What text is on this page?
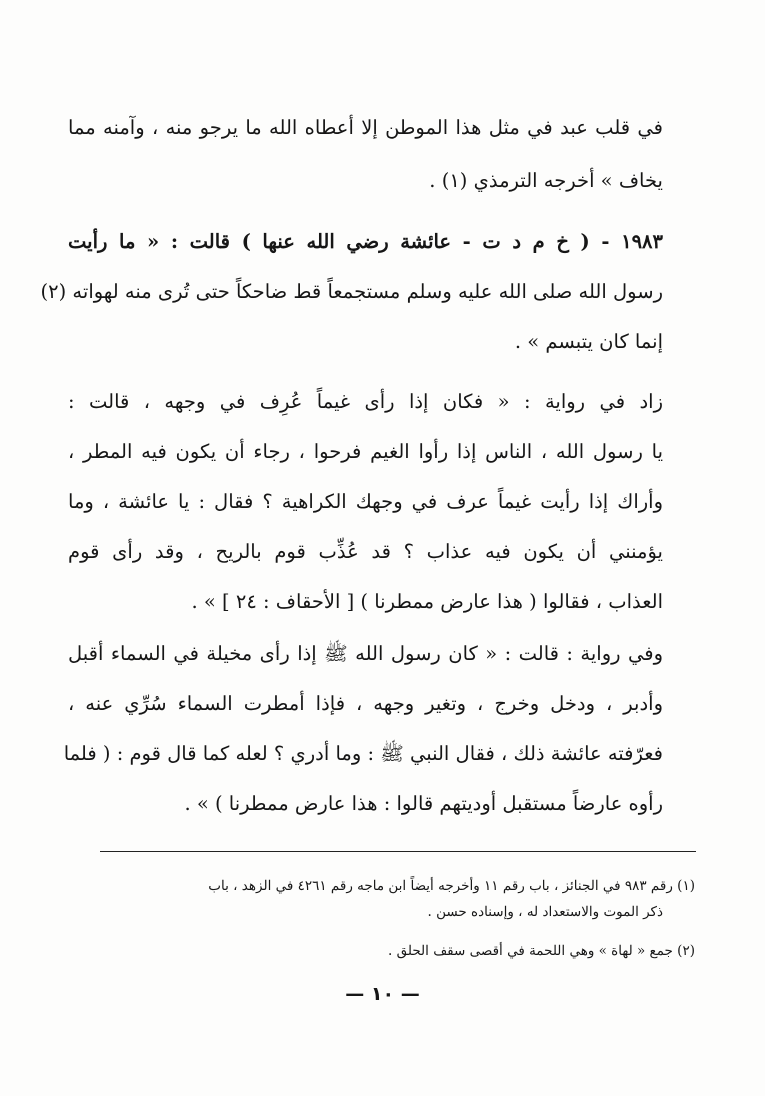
في قلب عبد في مثل هذا الموطن إلا أعطاه الله ما يرجو منه ، وآمنه مما
يخاف » أخرجه الترمذي (١) .
١٩٨٣ - ( خ م د ت - عائشة رضي الله عنها ) قالت : « ما رأيت
رسول الله صلى الله عليه وسلم مستجمعاً قط ضاحكاً حتى تُرى منه لهواته (٢)
إنما كان يتبسم » .
زاد في رواية : « فكان إذا رأى غيماً عُرِف في وجهه ، قالت :
يا رسول الله ، الناس إذا رأوا الغيم فرحوا ، رجاء أن يكون فيه المطر ،
وأراك إذا رأيت غيماً عرف في وجهك الكراهية ؟ فقال : يا عائشة ، وما
يؤمنني أن يكون فيه عذاب ؟ قد عُذِّب قوم بالريح ، وقد رأى قوم
العذاب ، فقالوا ( هذا عارض ممطرنا ) [ الأحقاف : ٢٤ ] » .
وفي رواية : قالت : « كان رسول الله ﷺ إذا رأى مخيلة في السماء أقبل
وأدبر ، ودخل وخرج ، وتغير وجهه ، فإذا أمطرت السماء سُرِّي عنه ،
فعرّفته عائشة ذلك ، فقال النبي ﷺ : وما أدري ؟ لعله كما قال قوم : ( فلما
رأوه عارضاً مستقبل أوديتهم قالوا : هذا عارض ممطرنا ) » .
(١) رقم ٩٨٣ في الجنائز ، باب رقم ١١ وأخرجه أيضاً ابن ماجه رقم ٤٢٦١ في الزهد ، باب
ذكر الموت والاستعداد له ، وإسناده حسن .
(٢) جمع « لهاة » وهي اللحمة في أقصى سقف الحلق .
— ١٠ —
